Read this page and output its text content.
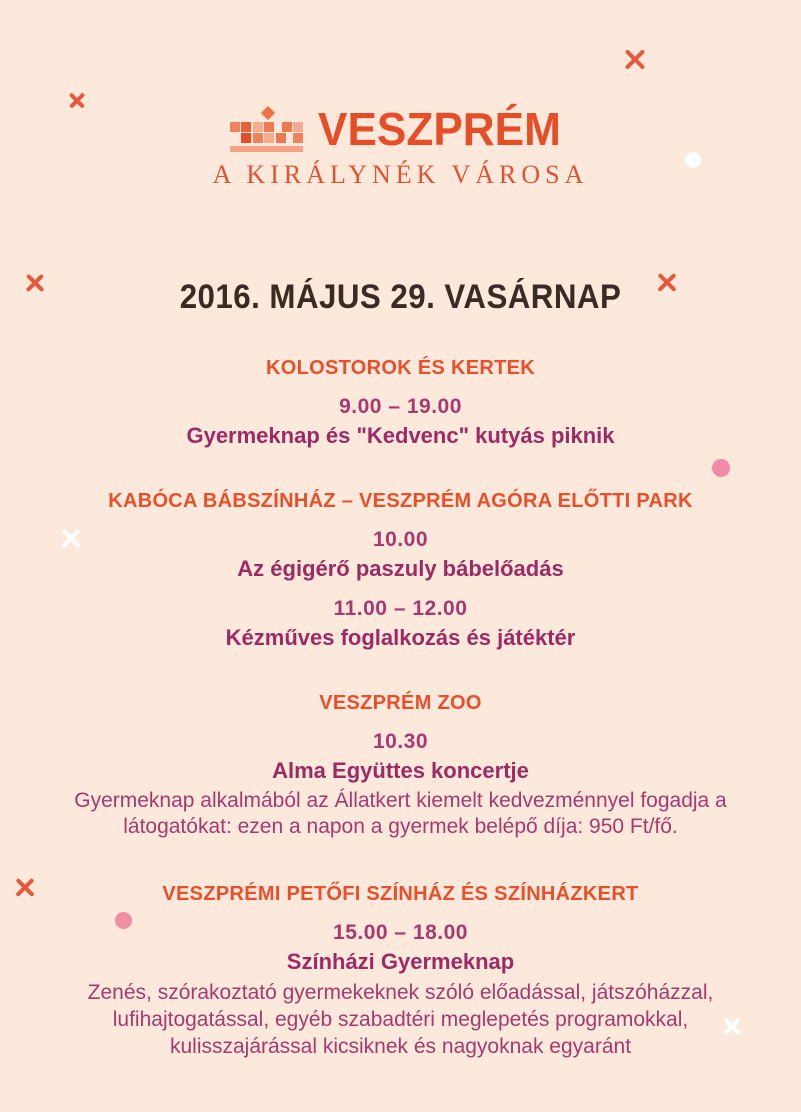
VESZPRÉM
A KIRÁLYNÉK VÁROSA
2016. MÁJUS 29. VASÁRNAP
KOLOSTOROK ÉS KERTEK
9.00 – 19.00
Gyermeknap és "Kedvenc" kutyás piknik
KABÓCA BÁBSZÍNHÁZ – VESZPRÉM AGÓRA ELŐTTI PARK
10.00
Az égigérő paszuly bábelőadás
11.00 – 12.00
Kézműves foglalkozás és játéktér
VESZPRÉM ZOO
10.30
Alma Együttes koncertje

Gyermeknap alkalmából az Állatkert kiemelt kedvezménnyel fogadja a látogatókat: ezen a napon a gyermek belépő díja: 950 Ft/fő.

VESZPRÉMI PETŐFI SZÍNHÁZ ÉS SZÍNHÁZKERT
15.00 – 18.00
Színházi Gyermeknap

Zenés, szórakoztató gyermekeknek szóló előadással, játszóházzal, lufihajtogatással, egyéb szabadtéri meglepetés programokkal, kulisszajárással kicsiknek és nagyoknak egyaránt
